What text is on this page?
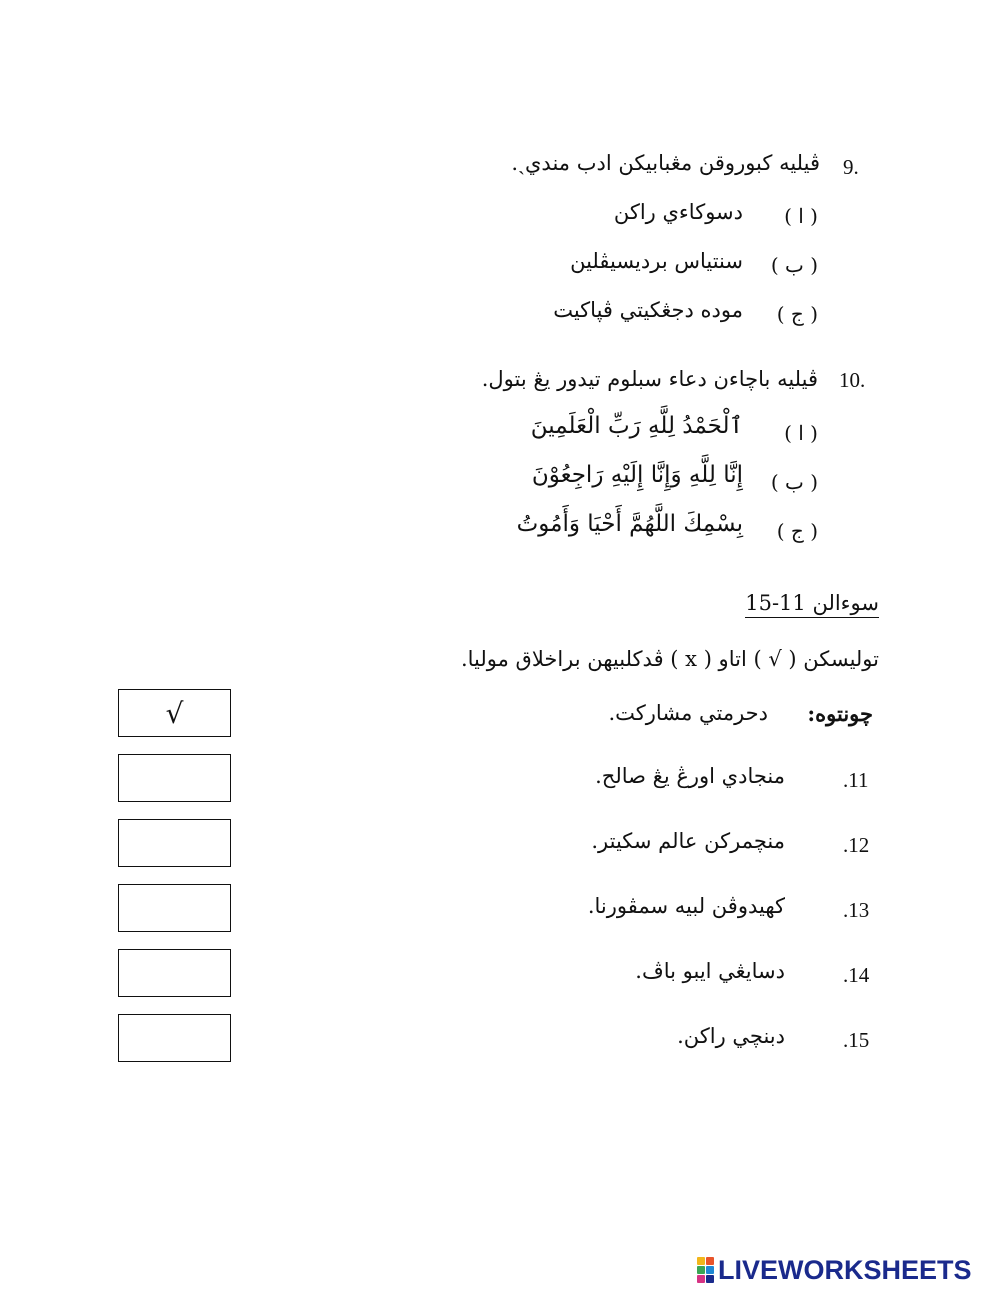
9.
ڤيليه كبوروقن مڠبابيكن ادب منديˏ.
( ا )
دسوكاءي راكن
( ب )
سنتياس برديسيڤلين
( ج )
موده دجڠكيتي ڤپاكيت
10.
ڤيليه باچاءن دعاء سبلوم تيدور يڠ بتول.
( ا )
ٱلْحَمْدُ لِلَّهِ رَبِّ الْعَلَمِينَ
( ب )
إِنَّا لِلَّهِ وَإِنَّا إِلَيْهِ رَاجِعُوْنَ
( ج )
بِسْمِكَ اللَّهُمَّ أَحْيَا وَأَمُوتُ
سوءالن 11-15
توليسكن ( √ ) اتاو ( x ) ڤدكلبيهن براخلاق موليا.
چونتوه:
دحرمتي مشاركت.
√
.11
منجادي اورڠ يڠ صالح.
.12
منچمركن عالم سكيتر.
.13
كهيدوڤن لبيه سمڤورنا.
.14
دسايڠي ايبو باڤ.
.15
دبنچي راكن.
LIVEWORKSHEETS
